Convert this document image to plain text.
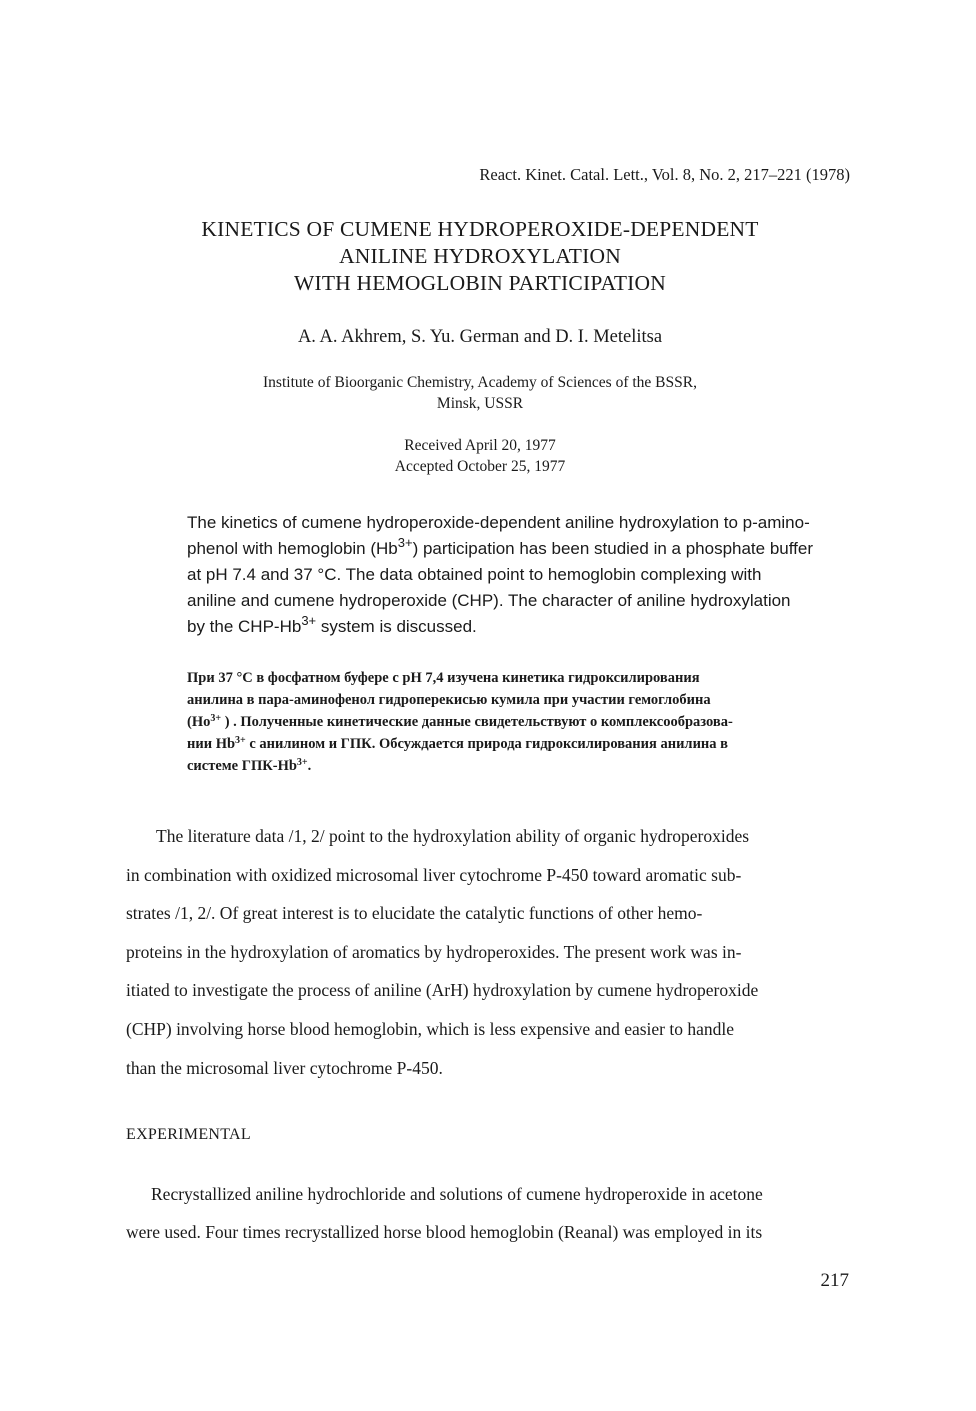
React. Kinet. Catal. Lett., Vol. 8, No. 2, 217–221 (1978)
KINETICS OF CUMENE HYDROPEROXIDE-DEPENDENT
ANILINE HYDROXYLATION
WITH HEMOGLOBIN PARTICIPATION
A. A. Akhrem, S. Yu. German and D. I. Metelitsa
Institute of Bioorganic Chemistry, Academy of Sciences of the BSSR,
Minsk, USSR
Received April 20, 1977
Accepted October 25, 1977
The kinetics of cumene hydroperoxide-dependent aniline hydroxylation to p-amino-
phenol with hemoglobin $(Hb^{3+})$ participation has been studied in a phosphate buffer
at pH 7.4 and 37 °C. The data obtained point to hemoglobin complexing with
aniline and cumene hydroperoxide (CHP). The character of aniline hydroxylation
by the CHP-$Hb^{3+}$ system is discussed.
При 37 °С в фосфатном буфере с рН 7,4 изучена кинетика гидроксилирования
анилина в пара-аминофенол гидроперекисью кумила при участии гемоглобина
($Но^{3+}$ ) . Полученные кинетические данные свидетельствуют о комплексообразова-
нии $Hb^{3+}$ с анилином и ГПК. Обсуждается природа гидроксилирования анилина в
системе ГПК-$Hb^{3+}$.
The literature data /1, 2/ point to the hydroxylation ability of organic hydroperoxides
in combination with oxidized microsomal liver cytochrome P-450 toward aromatic sub-
strates /1, 2/. Of great interest is to elucidate the catalytic functions of other hemo-
proteins in the hydroxylation of aromatics by hydroperoxides. The present work was in-
itiated to investigate the process of aniline (ArH) hydroxylation by cumene hydroperoxide
(CHP) involving horse blood hemoglobin, which is less expensive and easier to handle
than the microsomal liver cytochrome P-450.
EXPERIMENTAL
Recrystallized aniline hydrochloride and solutions of cumene hydroperoxide in acetone
were used. Four times recrystallized horse blood hemoglobin (Reanal) was employed in its
217
